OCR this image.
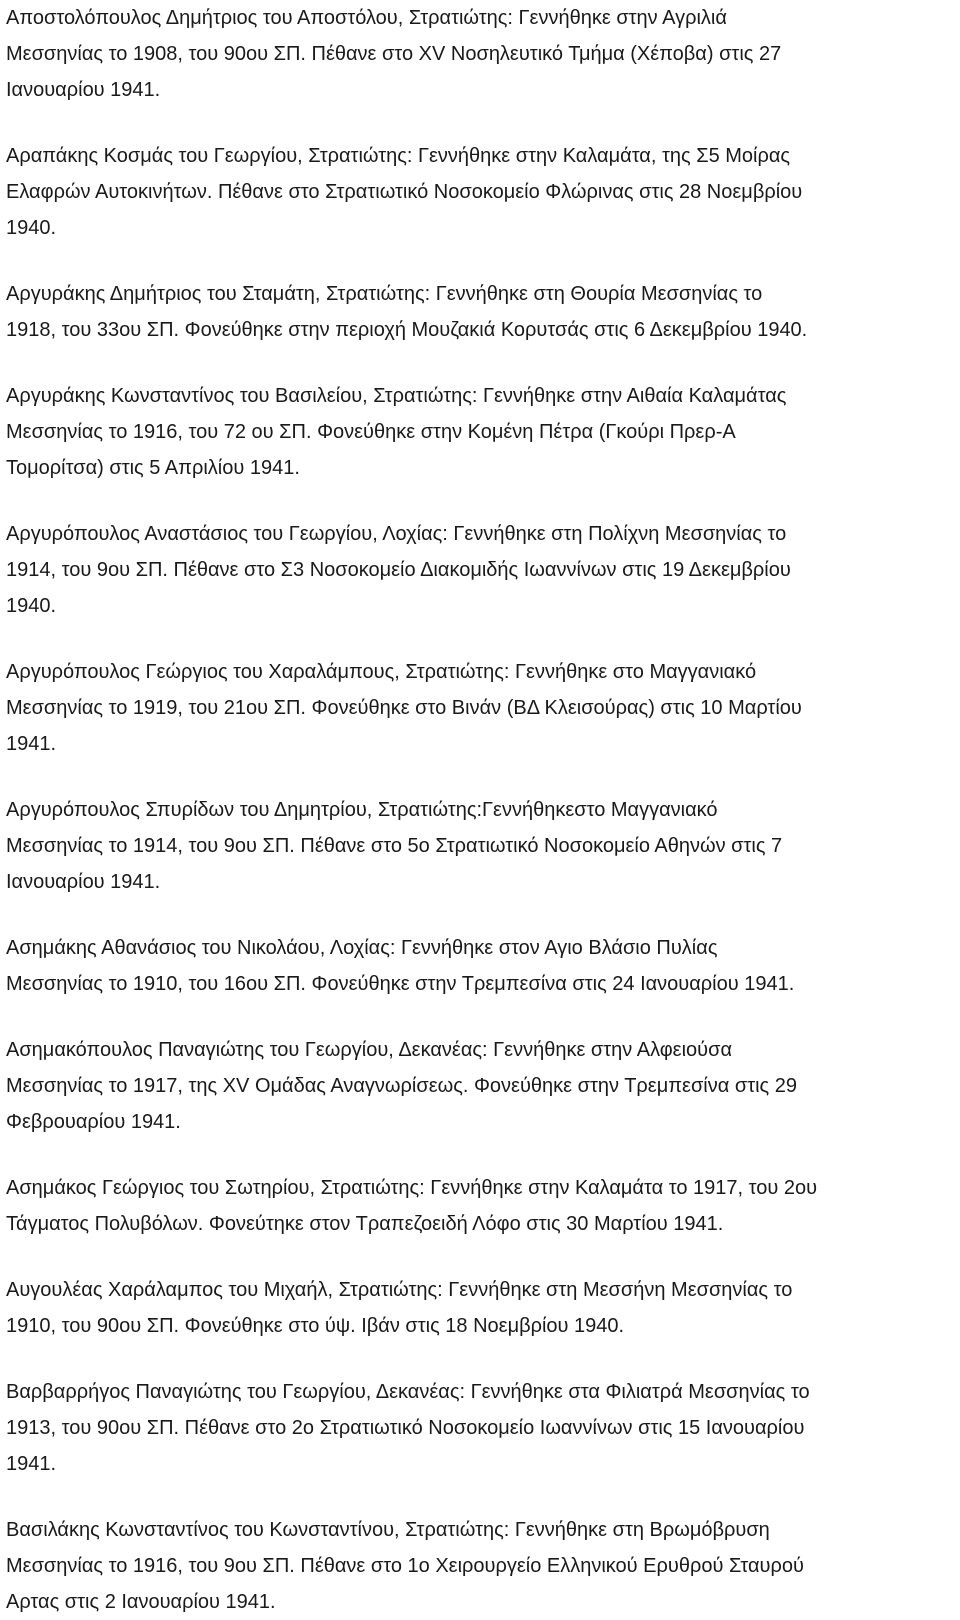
Αποστολόπουλος Δημήτριος του Αποστόλου, Στρατιώτης: Γεννήθηκε στην Αγριλιά
Μεσσηνίας το 1908, του 90ου ΣΠ. Πέθανε στο XV Νοσηλευτικό Τμήμα (Χέποβα) στις 27
Ιανουαρίου 1941.
Αραπάκης Κοσμάς του Γεωργίου, Στρατιώτης: Γεννήθηκε στην Καλαμάτα, της Σ5 Μοίρας
Ελαφρών Αυτοκινήτων. Πέθανε στο Στρατιωτικό Νοσοκομείο Φλώρινας στις 28 Νοεμβρίου
1940.
Αργυράκης Δημήτριος του Σταμάτη, Στρατιώτης: Γεννήθηκε στη Θουρία Μεσσηνίας το
1918, του 33ου ΣΠ. Φονεύθηκε στην περιοχή Μουζακιά Κορυτσάς στις 6 Δεκεμβρίου 1940.
Αργυράκης Κωνσταντίνος του Βασιλείου, Στρατιώτης: Γεννήθηκε στην Αιθαία Καλαμάτας
Μεσσηνίας το 1916, του 72 ου ΣΠ. Φονεύθηκε στην Κομένη Πέτρα (Γκούρι Πρερ-Α
Τομορίτσα) στις 5 Απριλίου 1941.
Αργυρόπουλος Αναστάσιος του Γεωργίου, Λοχίας: Γεννήθηκε στη Πολίχνη Μεσσηνίας το
1914, του 9ου ΣΠ. Πέθανε στο Σ3 Νοσοκομείο Διακομιδής Ιωαννίνων στις 19 Δεκεμβρίου
1940.
Αργυρόπουλος Γεώργιος του Χαραλάμπους, Στρατιώτης: Γεννήθηκε στο Μαγγανιακό
Μεσσηνίας το 1919, του 21ου ΣΠ. Φονεύθηκε στο Βινάν (ΒΔ Κλεισούρας) στις 10 Μαρτίου
1941.
Αργυρόπουλος Σπυρίδων του Δημητρίου, Στρατιώτης:Γεννήθηκεστο Μαγγανιακό
Μεσσηνίας το 1914, του 9ου ΣΠ. Πέθανε στο 5ο Στρατιωτικό Νοσοκομείο Αθηνών στις 7
Ιανουαρίου 1941.
Ασημάκης Αθανάσιος του Νικολάου, Λοχίας: Γεννήθηκε στον Αγιο Βλάσιο Πυλίας
Μεσσηνίας το 1910, του 16ου ΣΠ. Φονεύθηκε στην Τρεμπεσίνα στις 24 Ιανουαρίου 1941.
Ασημακόπουλος Παναγιώτης του Γεωργίου, Δεκανέας: Γεννήθηκε στην Αλφειούσα
Μεσσηνίας το 1917, της XV Ομάδας Αναγνωρίσεως. Φονεύθηκε στην Τρεμπεσίνα στις 29
Φεβρουαρίου 1941.
Ασημάκος Γεώργιος του Σωτηρίου, Στρατιώτης: Γεννήθηκε στην Καλαμάτα το 1917, του 2ου
Τάγματος Πολυβόλων. Φονεύτηκε στον Τραπεζοειδή Λόφο στις 30 Μαρτίου 1941.
Αυγουλέας Χαράλαμπος του Μιχαήλ, Στρατιώτης: Γεννήθηκε στη Μεσσήνη Μεσσηνίας το
1910, του 90ου ΣΠ. Φονεύθηκε στο ύψ. Ιβάν στις 18 Νοεμβρίου 1940.
Βαρβαρρήγος Παναγιώτης του Γεωργίου, Δεκανέας: Γεννήθηκε στα Φιλιατρά Μεσσηνίας το
1913, του 90ου ΣΠ. Πέθανε στο 2ο Στρατιωτικό Νοσοκομείο Ιωαννίνων στις 15 Ιανουαρίου
1941.
Βασιλάκης Κωνσταντίνος του Κωνσταντίνου, Στρατιώτης: Γεννήθηκε στη Βρωμόβρυση
Μεσσηνίας το 1916, του 9ου ΣΠ. Πέθανε στο 1ο Χειρουργείο Ελληνικού Ερυθρού Σταυρού
Αρτας στις 2 Ιανουαρίου 1941.
